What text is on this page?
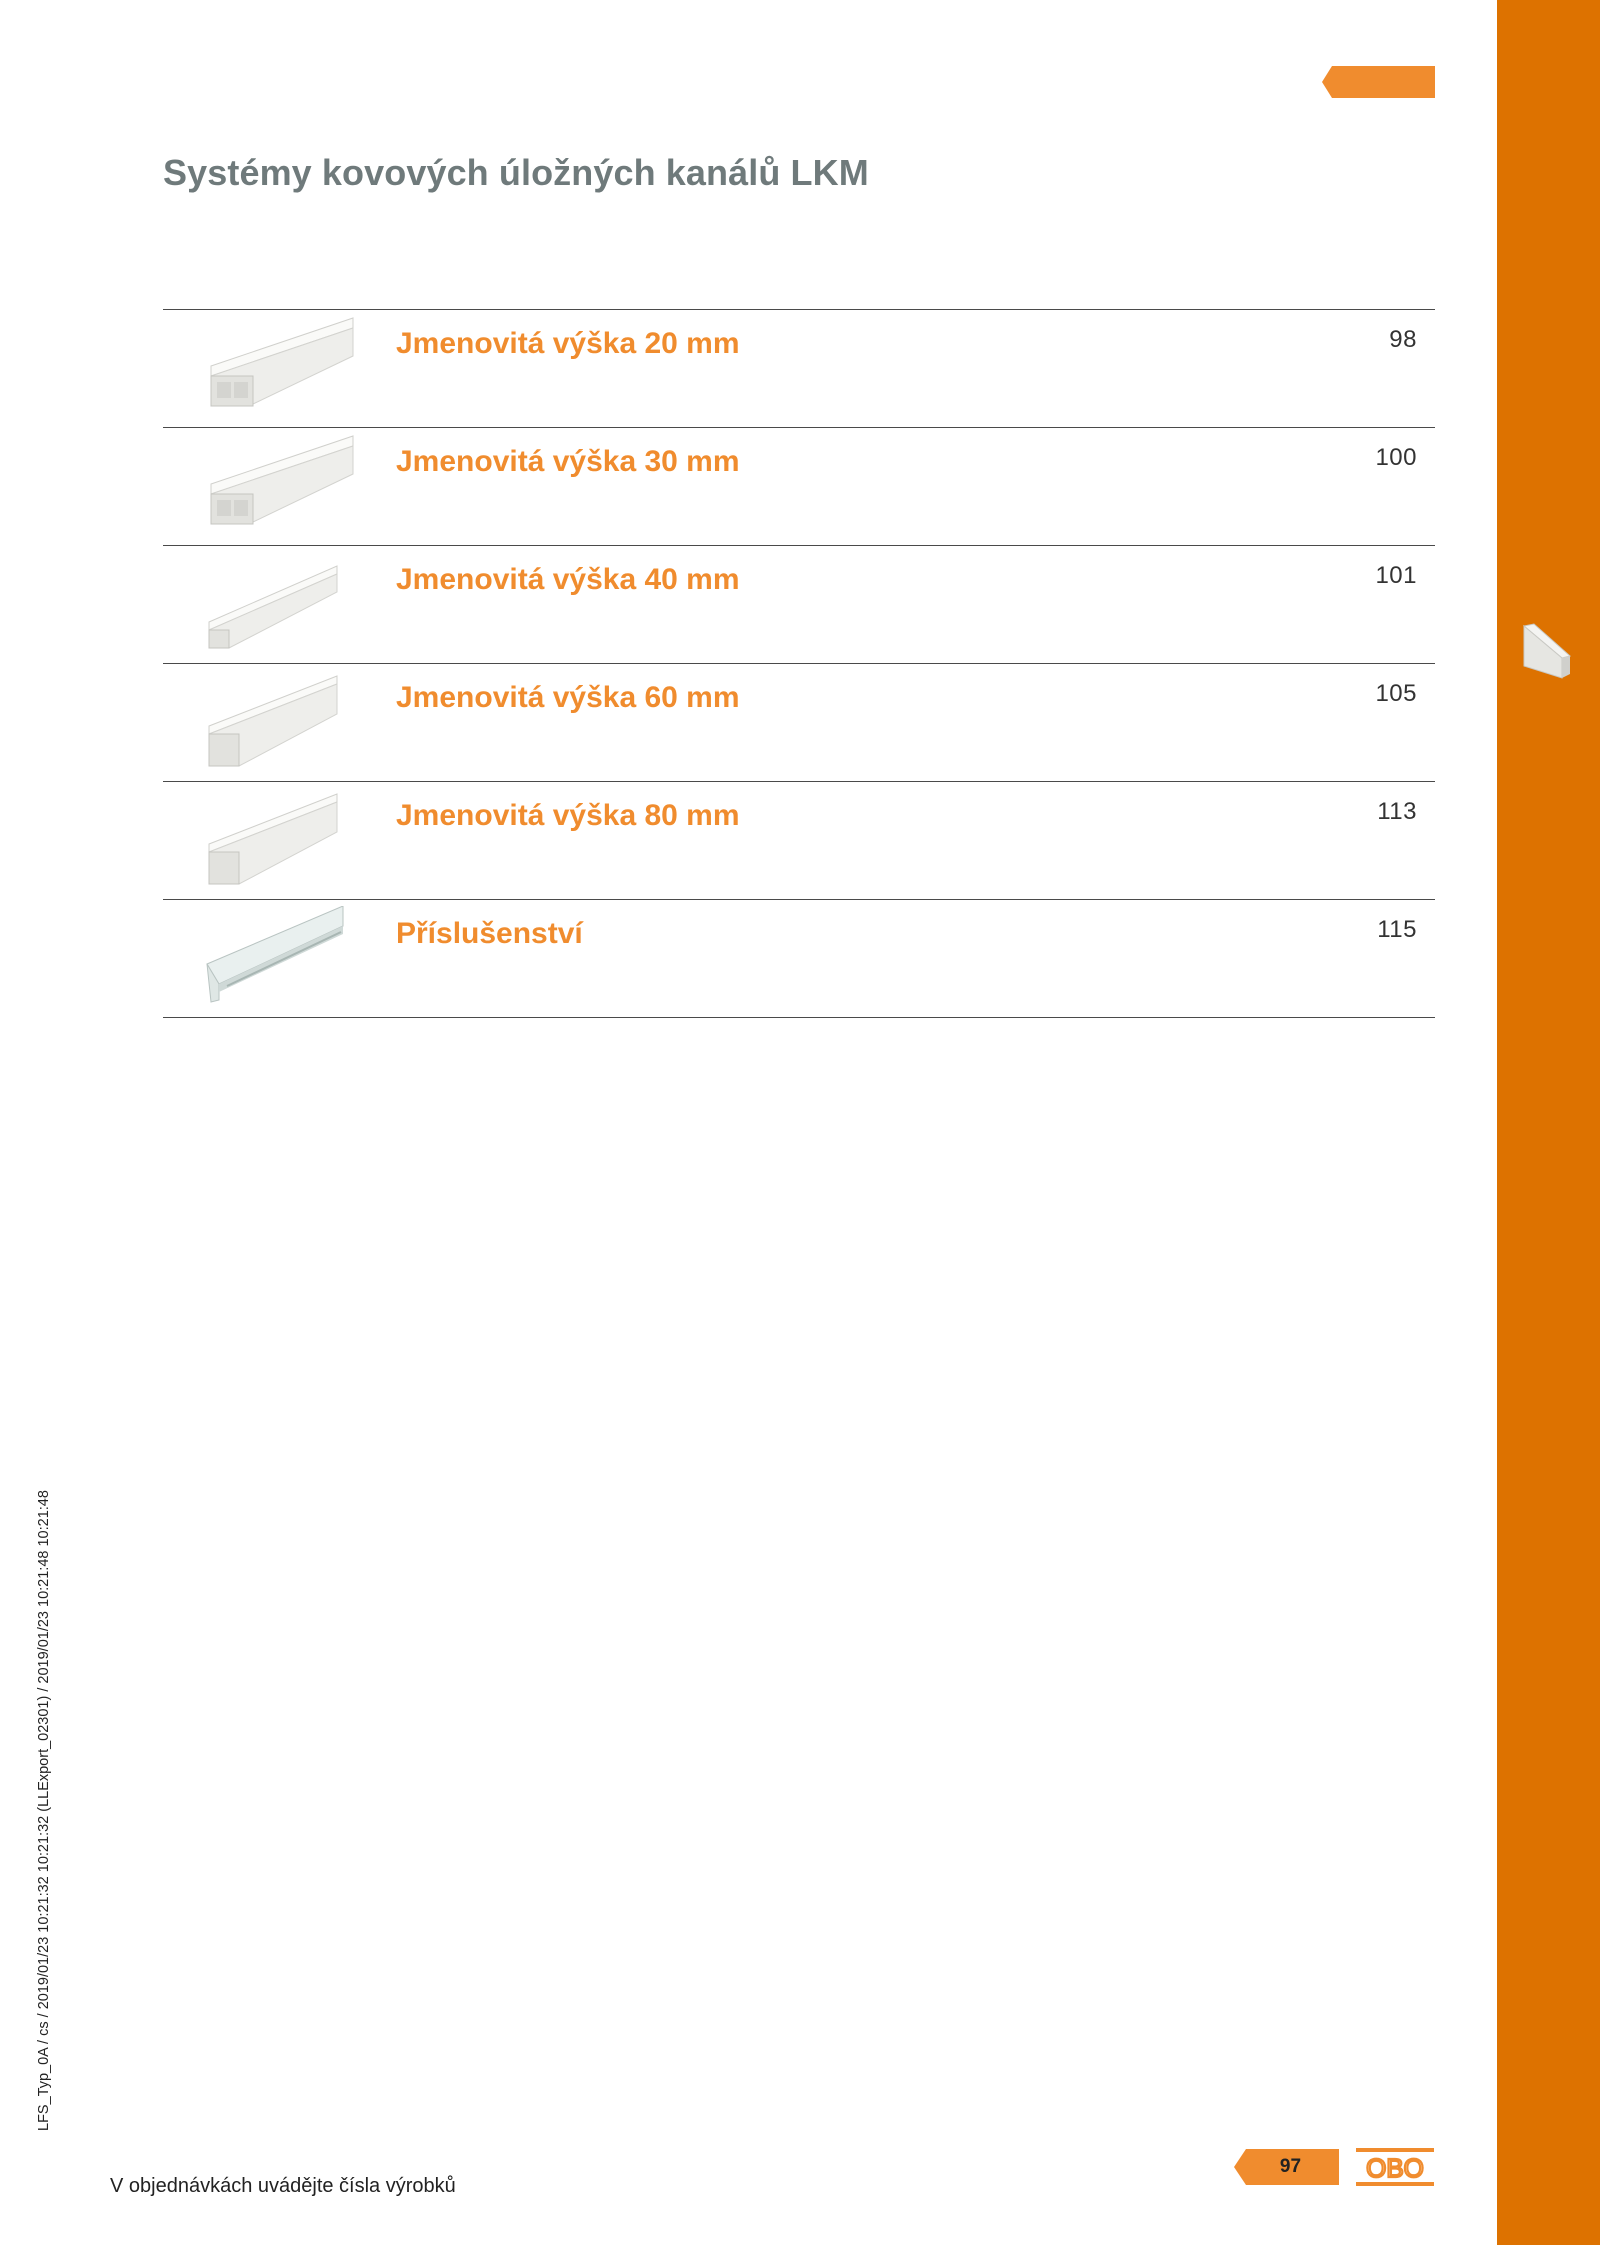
Systémy kovových úložných kanálů LKM
Jmenovitá výška 20 mm	98
Jmenovitá výška 30 mm	100
Jmenovitá výška 40 mm	101
Jmenovitá výška 60 mm	105
Jmenovitá výška 80 mm	113
Příslušenství	115
LFS_Typ_0A / cs / 2019/01/23 10:21:32 10:21:32 (LLExport_02301) / 2019/01/23 10:21:48 10:21:48
V objednávkách uvádějte čísla výrobků
97	OBO
